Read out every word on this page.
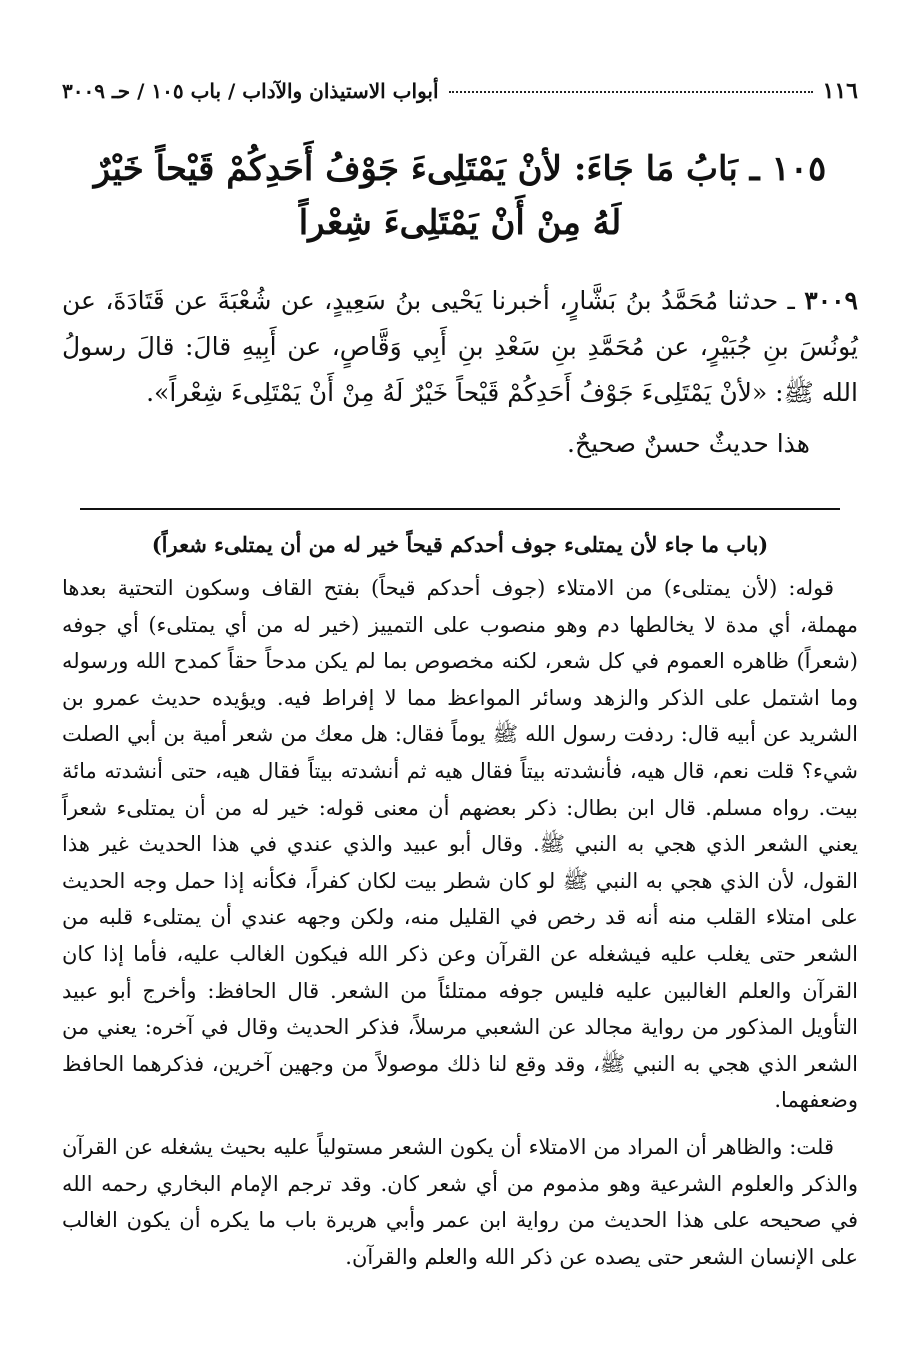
١١٦
أبواب الاستيذان والآداب / باب ١٠٥ / حـ ٣٠٠٩
١٠٥ ـ بَابُ مَا جَاءَ: لأنْ يَمْتَلِىءَ جَوْفُ أَحَدِكُمْ قَيْحاً خَيْرٌ لَهُ مِنْ أَنْ يَمْتَلِىءَ شِعْراً
٣٠٠٩ ـ حدثنا مُحَمَّدُ بنُ بَشَّارٍ، أخبرنا يَحْيى بنُ سَعِيدٍ، عن شُعْبَةَ عن قَتَادَةَ، عن يُونُسَ بنِ جُبَيْرٍ، عن مُحَمَّدِ بنِ سَعْدِ بنِ أَبِي وَقَّاصٍ، عن أَبِيهِ قالَ: قالَ رسولُ الله ﷺ: «لأنْ يَمْتَلِىءَ جَوْفُ أَحَدِكُمْ قَيْحاً خَيْرٌ لَهُ مِنْ أَنْ يَمْتَلِىءَ شِعْراً».
هذا حديثٌ حسنٌ صحيحٌ.
(باب ما جاء لأن يمتلىء جوف أحدكم قيحاً خير له من أن يمتلىء شعراً)

قوله: (لأن يمتلىء) من الامتلاء (جوف أحدكم قيحاً) بفتح القاف وسكون التحتية بعدها مهملة، أي مدة لا يخالطها دم وهو منصوب على التمييز (خير له من أي يمتلىء) أي جوفه (شعراً) ظاهره العموم في كل شعر، لكنه مخصوص بما لم يكن مدحاً حقاً كمدح الله ورسوله وما اشتمل على الذكر والزهد وسائر المواعظ مما لا إفراط فيه. ويؤيده حديث عمرو بن الشريد عن أبيه قال: ردفت رسول الله ﷺ يوماً فقال: هل معك من شعر أمية بن أبي الصلت شيء؟ قلت نعم، قال هيه، فأنشدته بيتاً فقال هيه ثم أنشدته بيتاً فقال هيه، حتى أنشدته مائة بيت. رواه مسلم. قال ابن بطال: ذكر بعضهم أن معنى قوله: خير له من أن يمتلىء شعراً يعني الشعر الذي هجي به النبي ﷺ. وقال أبو عبيد والذي عندي في هذا الحديث غير هذا القول، لأن الذي هجي به النبي ﷺ لو كان شطر بيت لكان كفراً، فكأنه إذا حمل وجه الحديث على امتلاء القلب منه أنه قد رخص في القليل منه، ولكن وجهه عندي أن يمتلىء قلبه من الشعر حتى يغلب عليه فيشغله عن القرآن وعن ذكر الله فيكون الغالب عليه، فأما إذا كان القرآن والعلم الغالبين عليه فليس جوفه ممتلئاً من الشعر. قال الحافظ: وأخرج أبو عبيد التأويل المذكور من رواية مجالد عن الشعبي مرسلاً، فذكر الحديث وقال في آخره: يعني من الشعر الذي هجي به النبي ﷺ، وقد وقع لنا ذلك موصولاً من وجهين آخرين، فذكرهما الحافظ وضعفهما.

قلت: والظاهر أن المراد من الامتلاء أن يكون الشعر مستولياً عليه بحيث يشغله عن القرآن والذكر والعلوم الشرعية وهو مذموم من أي شعر كان. وقد ترجم الإمام البخاري رحمه الله في صحيحه على هذا الحديث من رواية ابن عمر وأبي هريرة باب ما يكره أن يكون الغالب على الإنسان الشعر حتى يصده عن ذكر الله والعلم والقرآن.
